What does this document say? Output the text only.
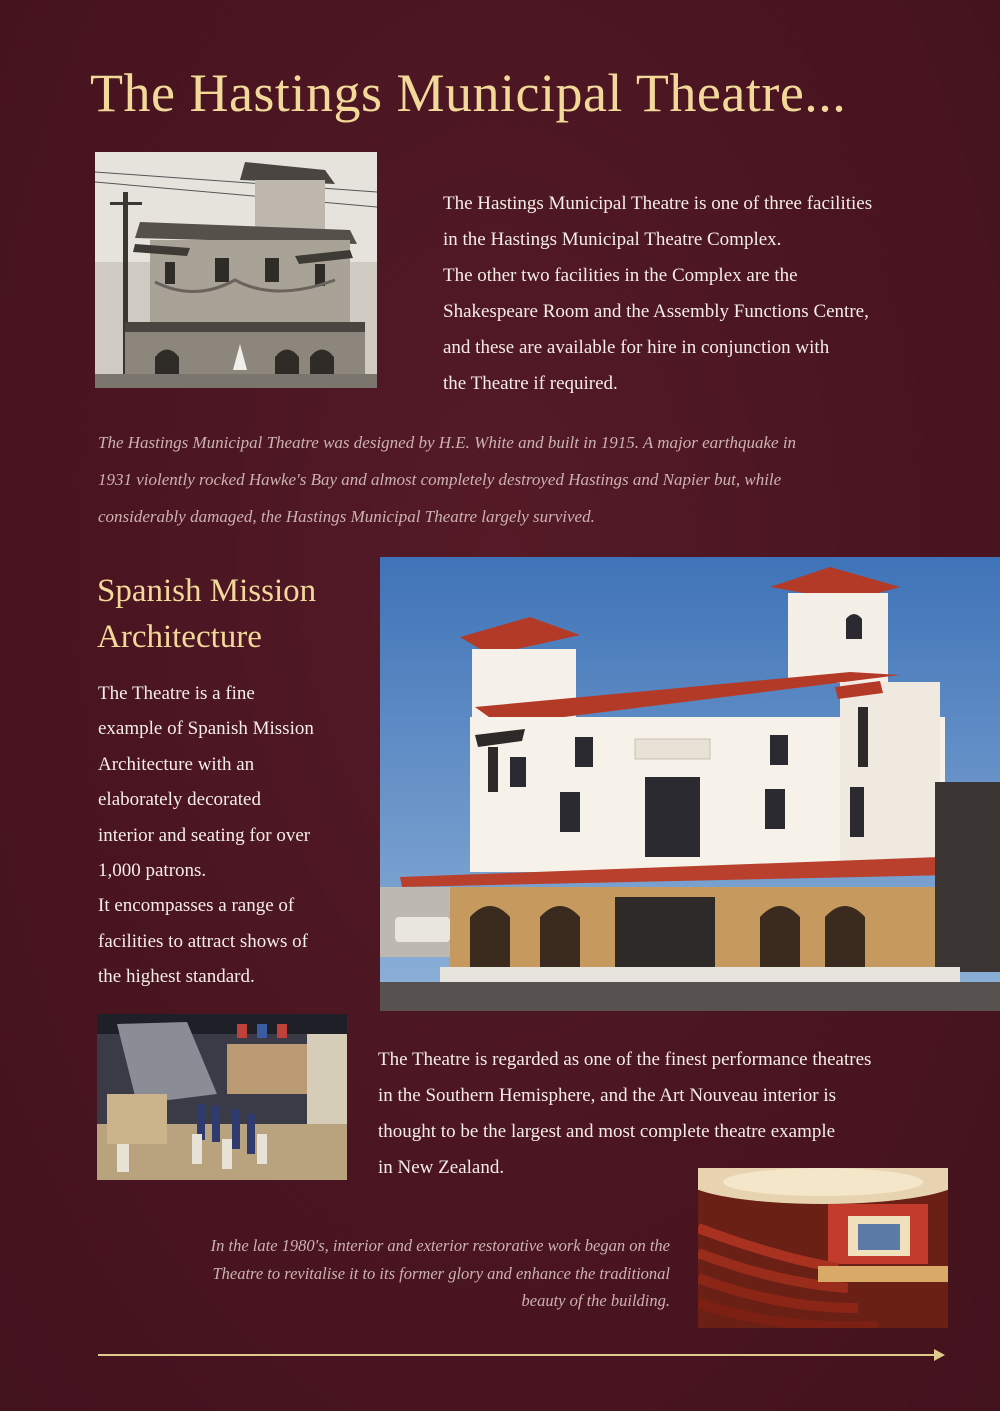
The Hastings Municipal Theatre...
The Hastings Municipal Theatre is one of three facilities
in the Hastings Municipal Theatre Complex.
The other two facilities in the Complex are the
Shakespeare Room and the Assembly Functions Centre,
and these are available for hire in conjunction with
the Theatre if required.
The Hastings Municipal Theatre was designed by H.E. White and built in 1915. A major earthquake in
1931 violently rocked Hawke's Bay and almost completely destroyed Hastings and Napier but, while
considerably damaged, the Hastings Municipal Theatre largely survived.
Spanish Mission
Architecture
The Theatre is a fine
example of Spanish Mission
Architecture with an
elaborately decorated
interior and seating for over
1,000 patrons.
It encompasses a range of
facilities to attract shows of
the highest standard.
The Theatre is regarded as one of the finest performance theatres
in the Southern Hemisphere, and the Art Nouveau interior is
thought to be the largest and most complete theatre example
in New Zealand.
In the late 1980's, interior and exterior restorative work began on the
Theatre to revitalise it to its former glory and enhance the traditional
beauty of the building.
